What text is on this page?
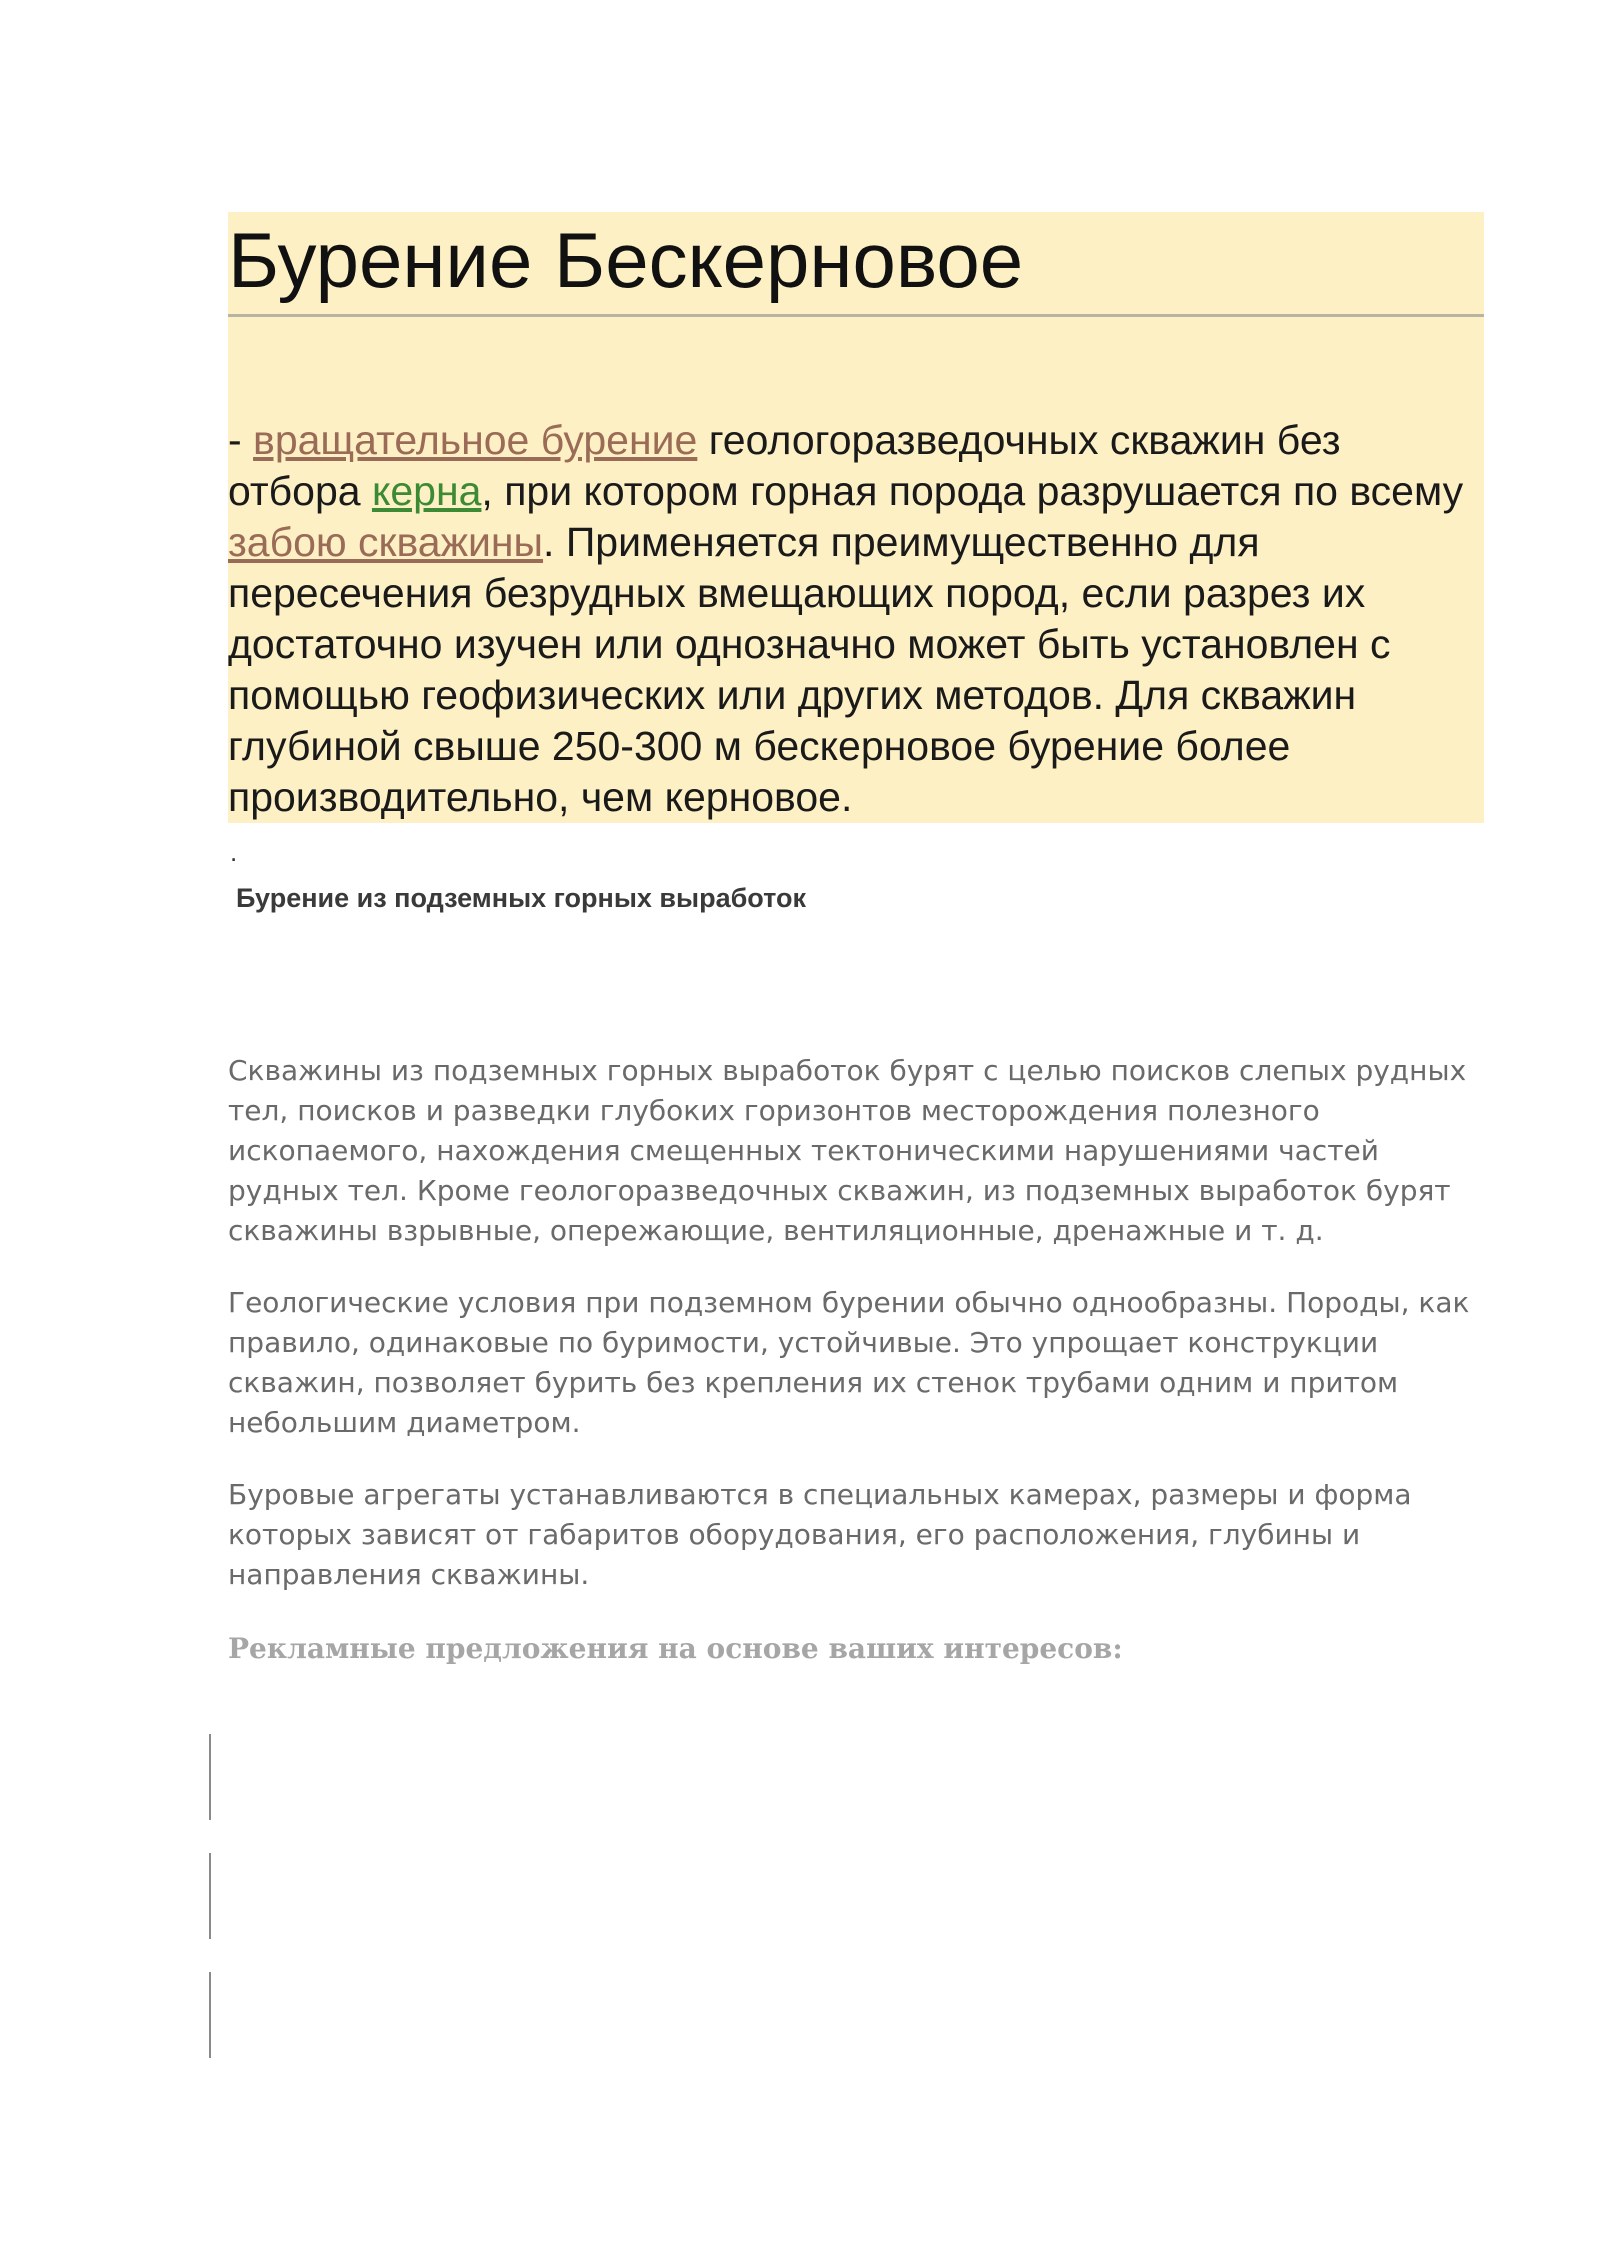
Бурение Бескерновое

- вращательное бурение геологоразведочных скважин без отбора керна, при котором горная порода разрушается по всему забою скважины. Применяется преимущественно для пересечения безрудных вмещающих пород, если разрез их достаточно изучен или однозначно может быть установлен с помощью геофизических или других методов. Для скважин глубиной свыше 250-300 м бескерновое бурение более производительно, чем керновое.

.
Бурение из подземных горных выработок

Скважины из подземных горных выработок бурят с целью поисков слепых рудных тел, поисков и разведки глубоких горизонтов месторождения полезного ископаемого, нахождения смещенных тектоническими нарушениями частей рудных тел. Кроме геологоразведочных скважин, из подземных выработок бурят скважины взрывные, опережающие, вентиляционные, дренажные и т. д.

Геологические условия при подземном бурении обычно однообразны. Породы, как правило, одинаковые по буримости, устойчивые. Это упрощает конструкции скважин, позволяет бурить без крепления их стенок трубами одним и притом небольшим диаметром.

Буровые агрегаты устанавливаются в специальных камерах, размеры и форма которых зависят от габаритов оборудования, его расположения, глубины и направления скважины.

Рекламные предложения на основе ваших интересов:
